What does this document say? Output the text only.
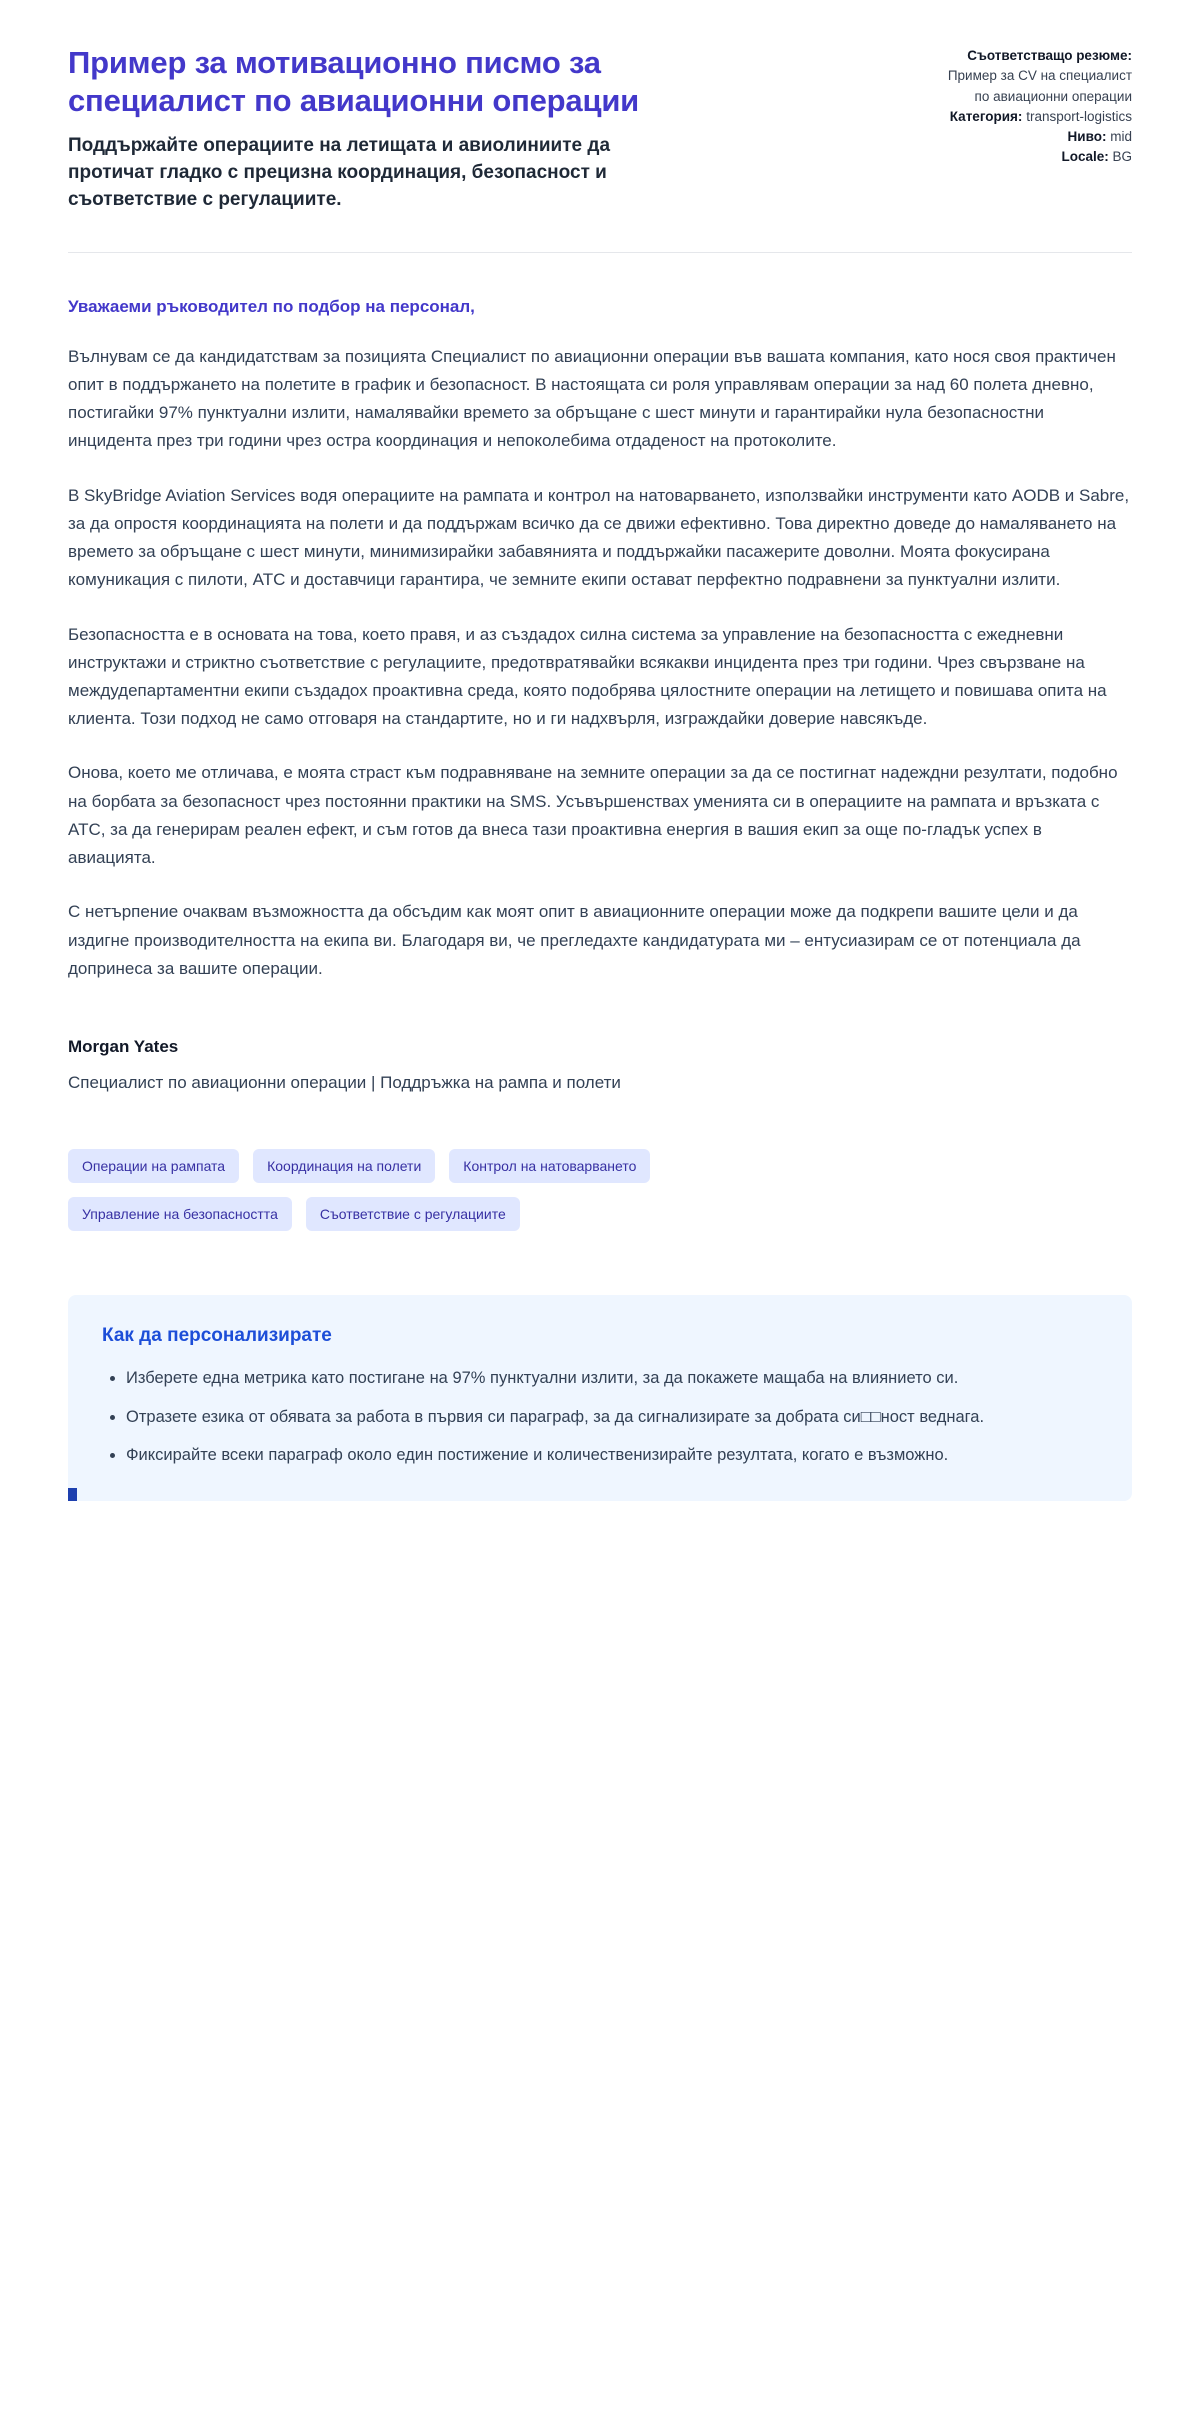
Пример за мотивационно писмо за специалист по авиационни операции

Поддържайте операциите на летищата и авиолиниите да протичат гладко с прецизна координация, безопасност и съответствие с регулациите.

Съответстващо резюме:
Пример за CV на специалист по авиационни операции
Категория: transport-logistics
Ниво: mid
Locale: BG

Уважаеми ръководител по подбор на персонал,

Вълнувам се да кандидатствам за позицията Специалист по авиационни операции във вашата компания, като нося своя практичен опит в поддържането на полетите в график и безопасност. В настоящата си роля управлявам операции за над 60 полета дневно, постигайки 97% пунктуални излити, намалявайки времето за обръщане с шест минути и гарантирайки нула безопасностни инцидента през три години чрез остра координация и непоколебима отдаденост на протоколите.

В SkyBridge Aviation Services водя операциите на рампата и контрол на натоварването, използвайки инструменти като AODB и Sabre, за да опростя координацията на полети и да поддържам всичко да се движи ефективно. Това директно доведе до намаляването на времето за обръщане с шест минути, минимизирайки забавянията и поддържайки пасажерите доволни. Моята фокусирана комуникация с пилоти, ATC и доставчици гарантира, че земните екипи остават перфектно подравнени за пунктуални излити.

Безопасността е в основата на това, което правя, и аз създадох силна система за управление на безопасността с ежедневни инструктажи и стриктно съответствие с регулациите, предотвратявайки всякакви инцидента през три години. Чрез свързване на междудепартаментни екипи създадох проактивна среда, която подобрява цялостните операции на летището и повишава опита на клиента. Този подход не само отговаря на стандартите, но и ги надхвърля, изграждайки доверие навсякъде.

Онова, което ме отличава, е моята страст към подравняване на земните операции за да се постигнат надеждни резултати, подобно на борбата за безопасност чрез постоянни практики на SMS. Усъвършенствах уменията си в операциите на рампата и връзката с ATC, за да генерирам реален ефект, и съм готов да внеса тази проактивна енергия в вашия екип за още по-гладък успех в авиацията.

С нетърпение очаквам възможността да обсъдим как моят опит в авиационните операции може да подкрепи вашите цели и да издигне производителността на екипа ви. Благодаря ви, че прегледахте кандидатурата ми – ентусиазирам се от потенциала да допринеса за вашите операции.

Morgan Yates

Специалист по авиационни операции | Поддръжка на рампа и полети

Операции на рампата	Координация на полети	Контрол на натоварването
Управление на безопасността	Съответствие с регулациите
Как да персонализирате
• Изберете една метрика като постигане на 97% пунктуални излити, за да покажете мащаба на влиянието си.
• Отразете езика от обявата за работа в първия си параграф, за да сигнализирате за добрата си□□ност веднага.
• Фиксирайте всеки параграф около един постижение и количественизирайте резултата, когато е възможно.
